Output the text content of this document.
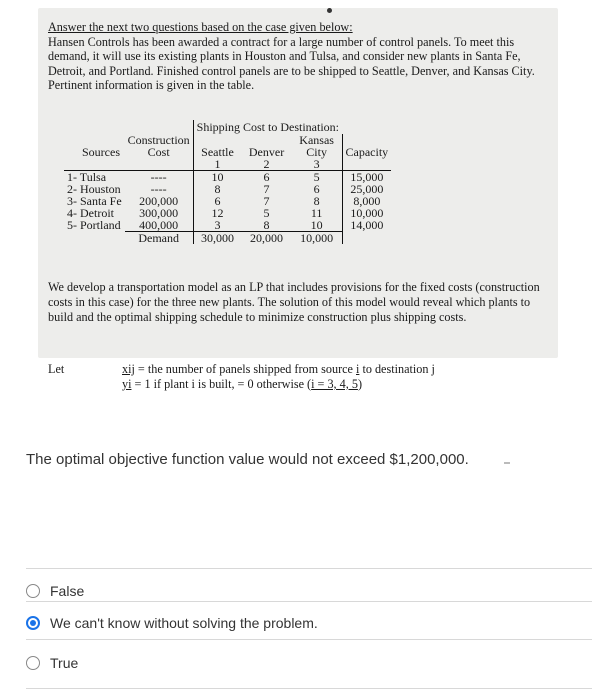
Answer the next two questions based on the case given below:
Hansen Controls has been awarded a contract for a large number of control panels. To meet this demand, it will use its existing plants in Houston and Tulsa, and consider new plants in Santa Fe, Detroit, and Portland. Finished control panels are to be shipped to Seattle, Denver, and Kansas City. Pertinent information is given in the table.
		Shipping Cost to Destination:			
	Construction			Kansas	
Sources	Cost	Seattle	Denver	City	Capacity
		1	2	3	
1- Tulsa	----	10	6	5	15,000
2- Houston	----	8	7	6	25,000
3- Santa Fe	200,000	6	7	8	8,000
4- Detroit	300,000	12	5	11	10,000
5- Portland	400,000	3	8	10	14,000
	Demand	30,000	20,000	10,000	
We develop a transportation model as an LP that includes provisions for the fixed costs (construction costs in this case) for the three new plants. The solution of this model would reveal which plants to build and the optimal shipping schedule to minimize construction plus shipping costs.
Let	xij = the number of panels shipped from source i to destination j
yi = 1 if plant i is built, = 0 otherwise (i = 3, 4, 5)
The optimal objective function value would not exceed $1,200,000.
False
We can't know without solving the problem.
True
